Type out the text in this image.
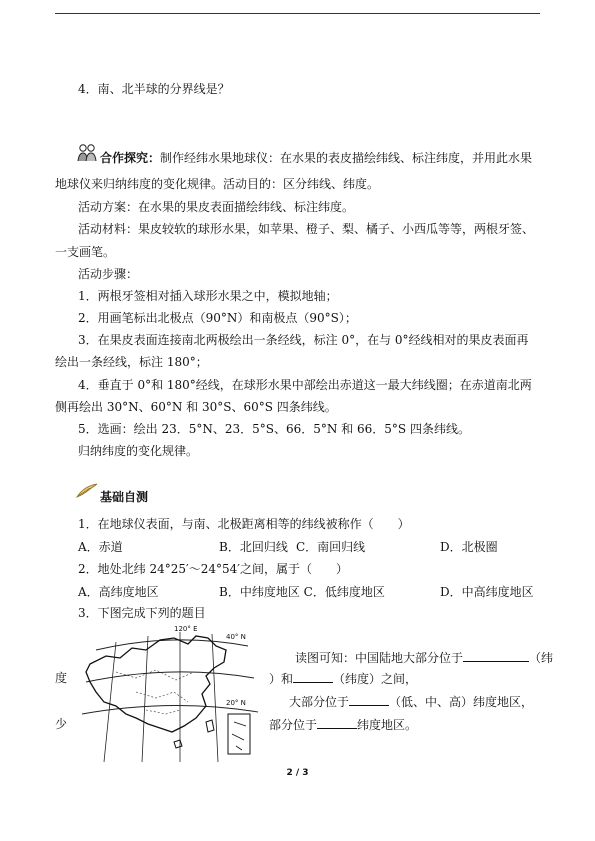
4．南、北半球的分界线是？
合作探究：制作经纬水果地球仪：在水果的表皮描绘纬线、标注纬度，并用此水果
地球仪来归纳纬度的变化规律。活动目的：区分纬线、纬度。
活动方案：在水果的果皮表面描绘纬线、标注纬度。
活动材料：果皮较软的球形水果，如苹果、橙子、梨、橘子、小西瓜等等，两根牙签、
一支画笔。
活动步骤：
1．两根牙签相对插入球形水果之中，模拟地轴；
2．用画笔标出北极点（90°N）和南极点（90°S）；
3．在果皮表面连接南北两极绘出一条经线，标注 0°，在与 0°经线相对的果皮表面再
绘出一条经线，标注 180°；
4．垂直于 0°和 180°经线，在球形水果中部绘出赤道这一最大纬线圈；在赤道南北两
侧再绘出 30°N、60°N 和 30°S、60°S 四条纬线。
5．选画：绘出 23．5°N、23．5°S、66．5°N 和 66．5°S 四条纬线。
归纳纬度的变化规律。
基础自测
1．在地球仪表面，与南、北极距离相等的纬线被称作（　　）
A．赤道	B．北回归线 C．南回归线	D．北极圈
2．地处北纬 24°25′～24°54′之间，属于（　　）
A．高纬度地区	B．中纬度地区 C．低纬度地区	D．中高纬度地区
3．下图完成下列的题目
120° E
40° N
20° N
读图可知：中国陆地大部分位于	（纬
度	）和	（纬度）之间，
大部分位于	（低、中、高）纬度地区，
少	部分位于	纬度地区。
2 / 3
